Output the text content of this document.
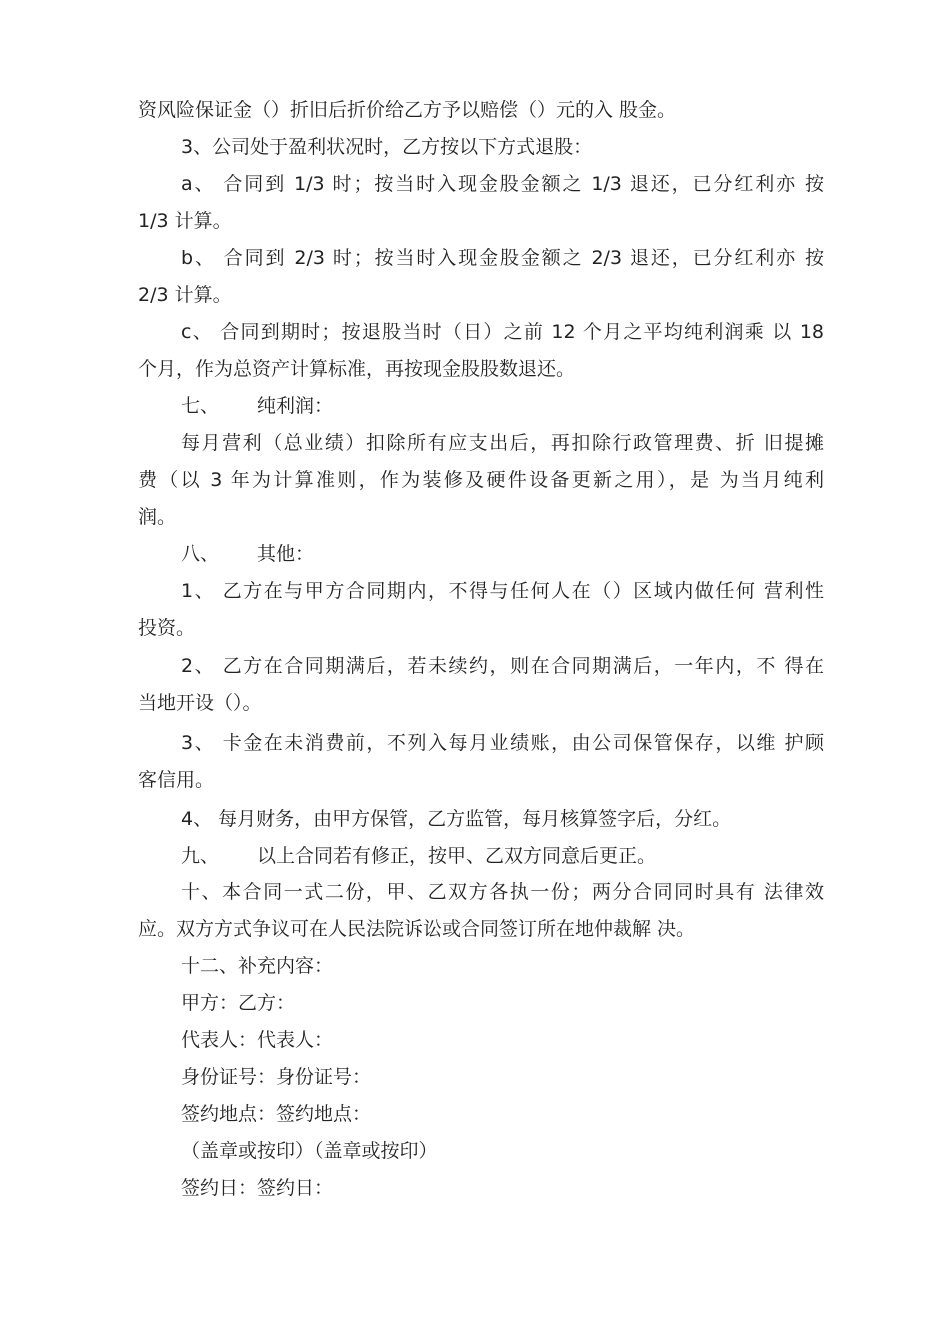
资风险保证金（）折旧后折价给乙方予以赔偿（）元的入 股金。
3、公司处于盈利状况时，乙方按以下方式退股：
a、 合同到 1/3 时；按当时入现金股金额之 1/3 退还，已分红利亦 按
1/3 计算。
b、 合同到 2/3 时；按当时入现金股金额之 2/3 退还，已分红利亦 按
2/3 计算。
c、 合同到期时；按退股当时（日）之前 12 个月之平均纯利润乘 以 18
个月，作为总资产计算标准，再按现金股股数退还。
七、 纯利润：
每月营利（总业绩）扣除所有应支出后，再扣除行政管理费、折 旧提摊
费（以 3 年为计算准则，作为装修及硬件设备更新之用），是 为当月纯利
润。
八、 其他：
1、 乙方在与甲方合同期内，不得与任何人在（）区域内做任何 营利性
投资。
2、 乙方在合同期满后，若未续约，则在合同期满后，一年内，不 得在
当地开设（）。
3、 卡金在未消费前，不列入每月业绩账，由公司保管保存，以维 护顾
客信用。
4、 每月财务，由甲方保管，乙方监管，每月核算签字后，分红。
九、 以上合同若有修正，按甲、乙双方同意后更正。
十、本合同一式二份，甲、乙双方各执一份；两分合同同时具有 法律效
应。双方方式争议可在人民法院诉讼或合同签订所在地仲裁解 决。
十二、补充内容：
甲方：乙方：
代表人：代表人：
身份证号：身份证号：
签约地点：签约地点：
（盖章或按印）（盖章或按印）
签约日：签约日：
